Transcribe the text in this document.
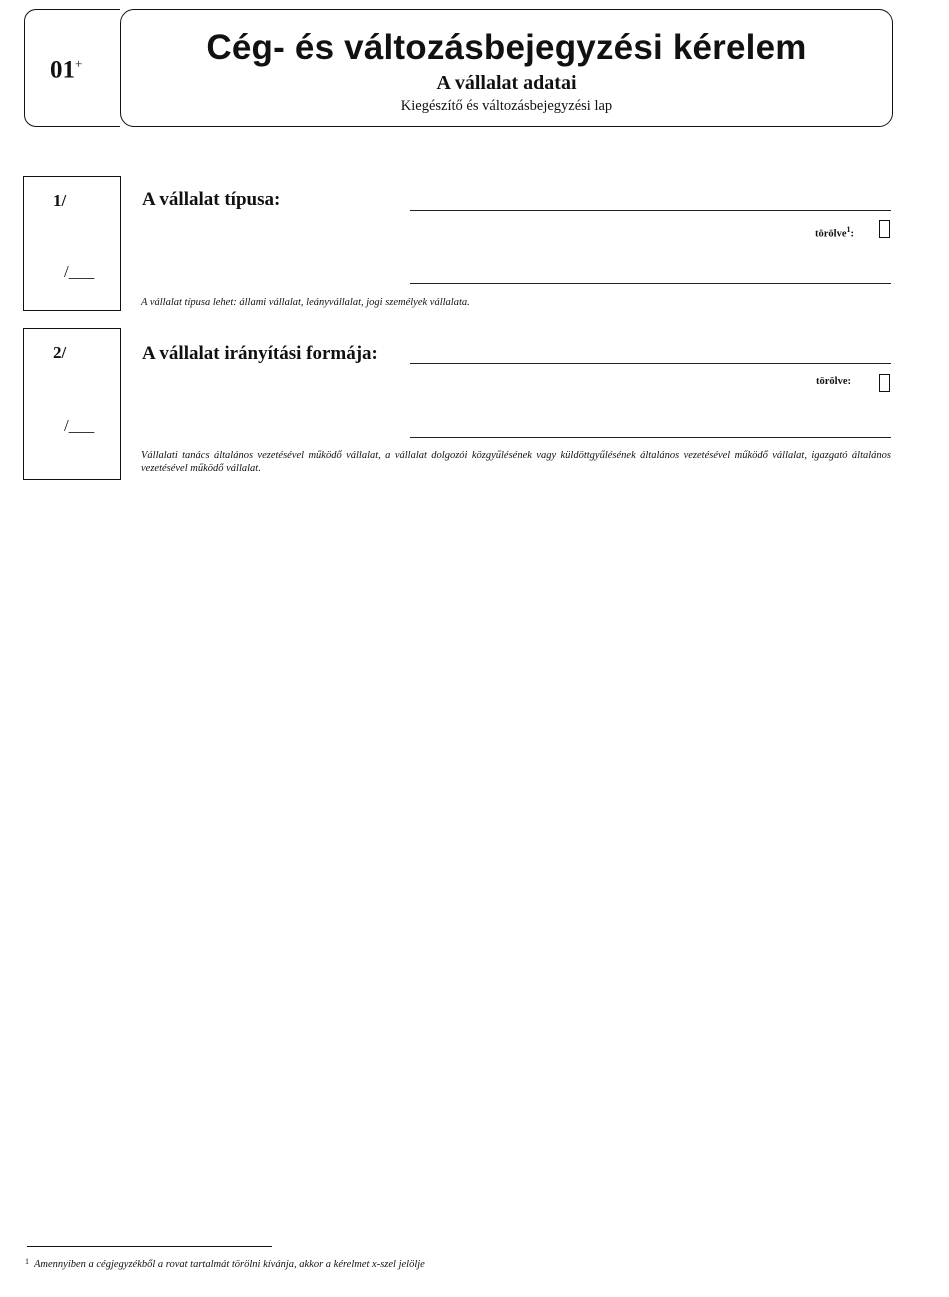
01+	Cég- és változásbejegyzési kérelem
A vállalat adatai
Kiegészítő és változásbejegyzési lap
1/
/___
A vállalat típusa:
törölve$^1$:
A vállalat típusa lehet: állami vállalat, leányvállalat, jogi személyek vállalata.
2/
/___
A vállalat irányítási formája:
törölve:
Vállalati tanács általános vezetésével működő vállalat, a vállalat dolgozói közgyűlésének vagy küldöttgyűlésének általános vezetésével működő vállalat, igazgató általános vezetésével működő vállalat.
1 Amennyiben a cégjegyzékből a rovat tartalmát törölni kívánja, akkor a kérelmet x-szel jelölje
